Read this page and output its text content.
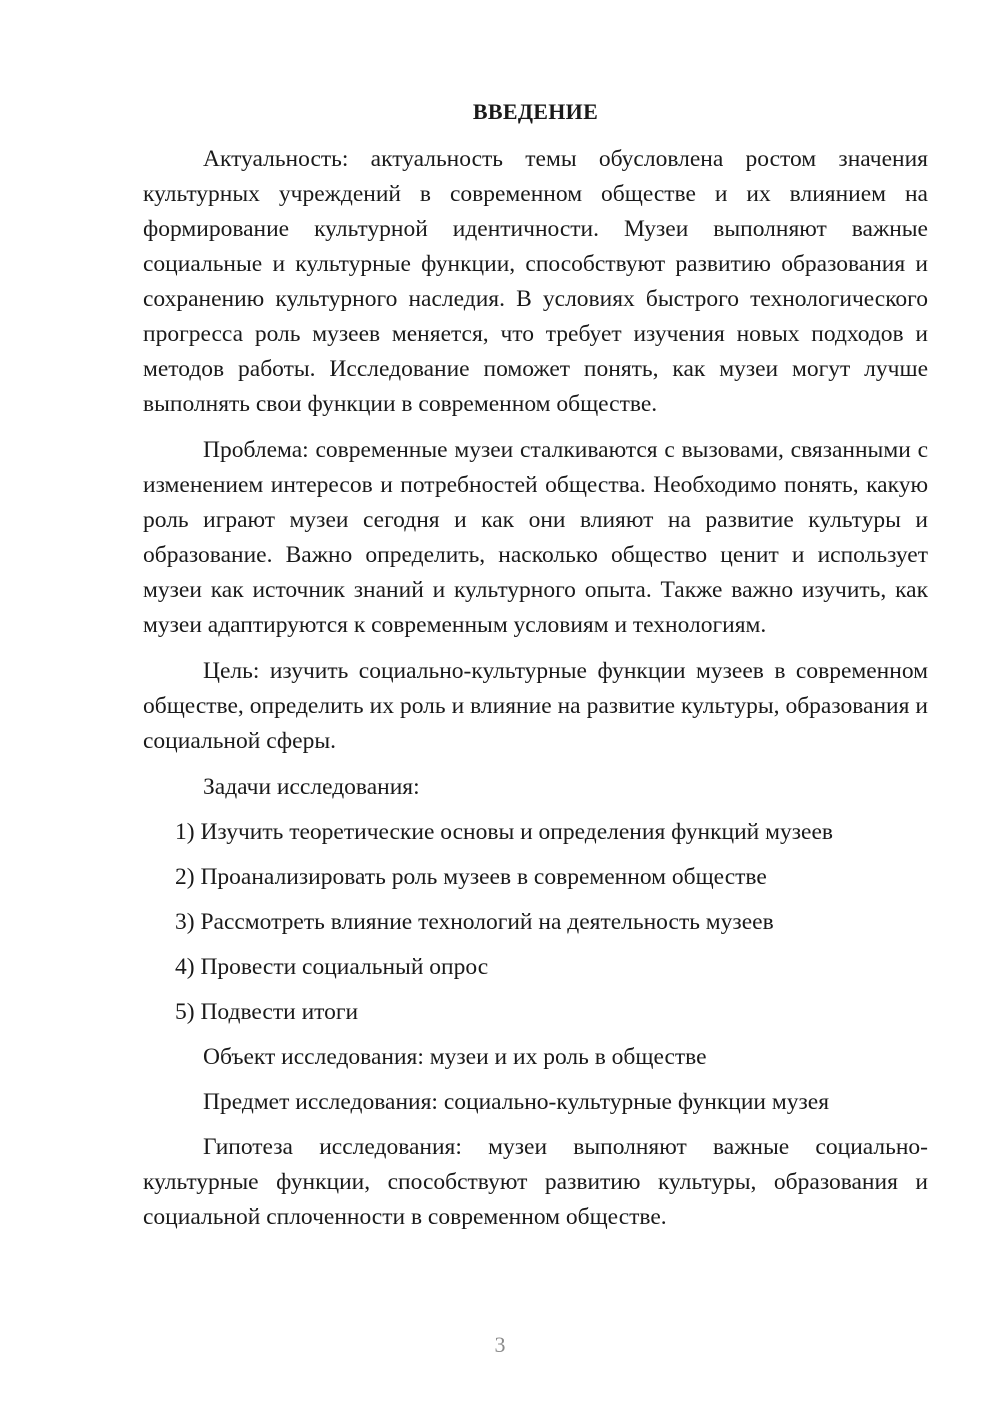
ВВЕДЕНИЕ

Актуальность: актуальность темы обусловлена ростом значения культурных учреждений в современном обществе и их влиянием на формирование культурной идентичности. Музеи выполняют важные социальные и культурные функции, способствуют развитию образования и сохранению культурного наследия. В условиях быстрого технологического прогресса роль музеев меняется, что требует изучения новых подходов и методов работы. Исследование поможет понять, как музеи могут лучше выполнять свои функции в современном обществе.

Проблема: современные музеи сталкиваются с вызовами, связанными с изменением интересов и потребностей общества. Необходимо понять, какую роль играют музеи сегодня и как они влияют на развитие культуры и образование. Важно определить, насколько общество ценит и использует музеи как источник знаний и культурного опыта. Также важно изучить, как музеи адаптируются к современным условиям и технологиям.

Цель: изучить социально-культурные функции музеев в современном обществе, определить их роль и влияние на развитие культуры, образования и социальной сферы.

Задачи исследования:

1) Изучить теоретические основы и определения функций музеев

2) Проанализировать роль музеев в современном обществе

3) Рассмотреть влияние технологий на деятельность музеев

4) Провести социальный опрос

5) Подвести итоги

Объект исследования: музеи и их роль в обществе

Предмет исследования: социально-культурные функции музея

Гипотеза исследования: музеи выполняют важные социально-культурные функции, способствуют развитию культуры, образования и социальной сплоченности в современном обществе.

3
